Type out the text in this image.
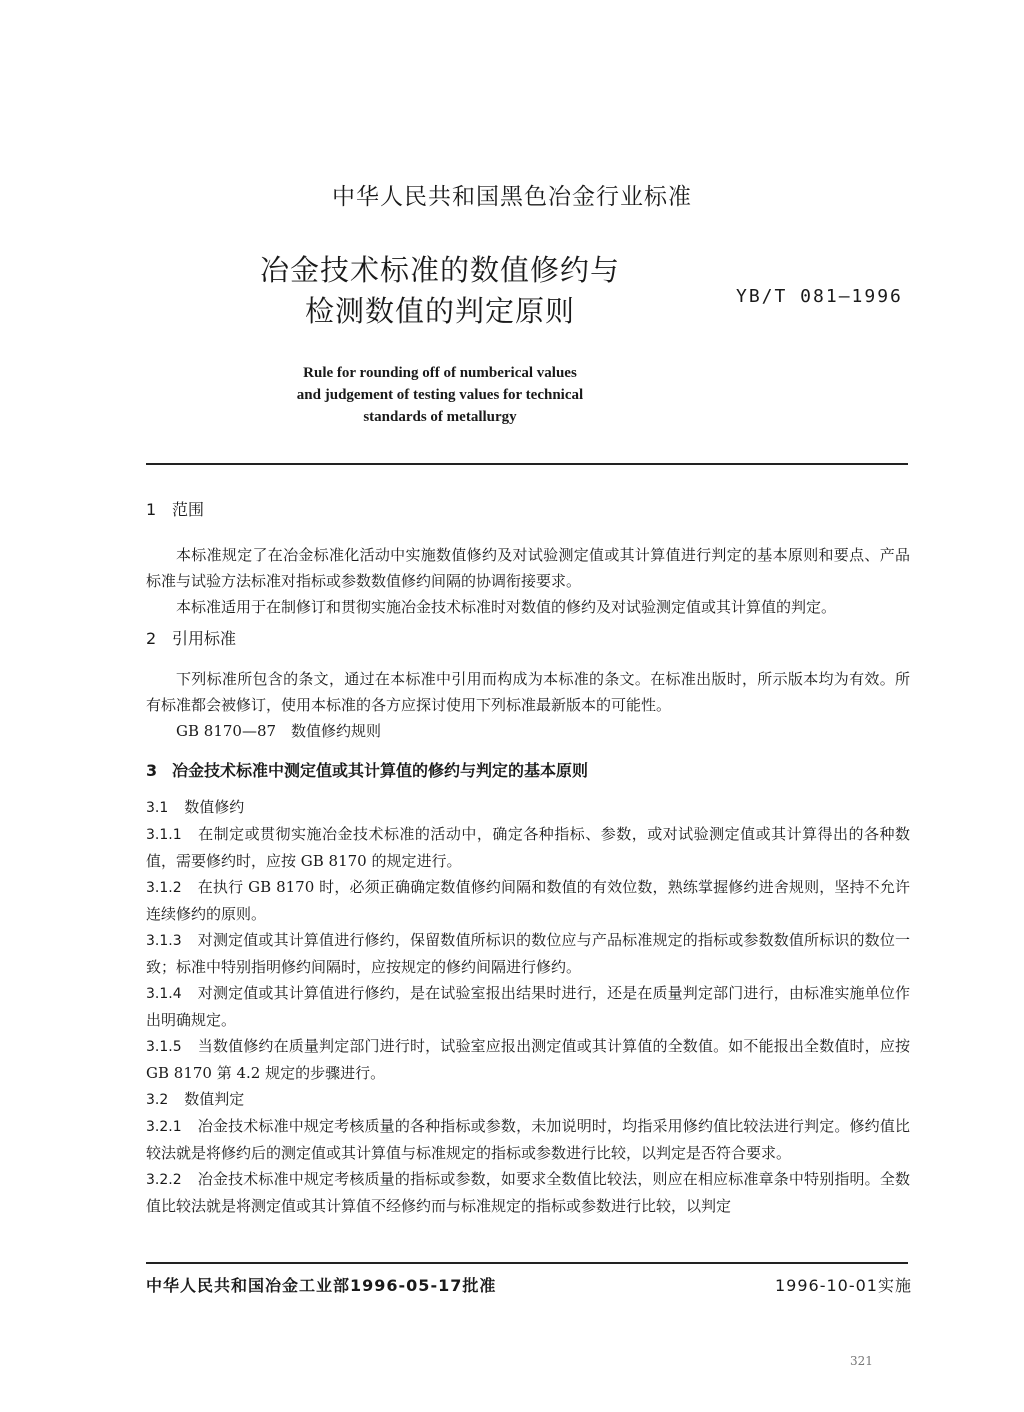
中华人民共和国黑色冶金行业标准
冶金技术标准的数值修约与
检测数值的判定原则	YB/T 081—1996
Rule for rounding off of numberical values
and judgement of testing values for technical
standards of metallurgy
1 范围

本标准规定了在冶金标准化活动中实施数值修约及对试验测定值或其计算值进行判定的基本原则和要点、产品标准与试验方法标准对指标或参数数值修约间隔的协调衔接要求。

本标准适用于在制修订和贯彻实施冶金技术标准时对数值的修约及对试验测定值或其计算值的判定。

2 引用标准

下列标准所包含的条文，通过在本标准中引用而构成为本标准的条文。在标准出版时，所示版本均为有效。所有标准都会被修订，使用本标准的各方应探讨使用下列标准最新版本的可能性。

GB 8170—87　数值修约规则

3 冶金技术标准中测定值或其计算值的修约与判定的基本原则

3.1 数值修约

3.1.1 在制定或贯彻实施冶金技术标准的活动中，确定各种指标、参数，或对试验测定值或其计算得出的各种数值，需要修约时，应按 GB 8170 的规定进行。

3.1.2 在执行 GB 8170 时，必须正确确定数值修约间隔和数值的有效位数，熟练掌握修约进舍规则，坚持不允许连续修约的原则。

3.1.3 对测定值或其计算值进行修约，保留数值所标识的数位应与产品标准规定的指标或参数数值所标识的数位一致；标准中特别指明修约间隔时，应按规定的修约间隔进行修约。

3.1.4 对测定值或其计算值进行修约，是在试验室报出结果时进行，还是在质量判定部门进行，由标准实施单位作出明确规定。

3.1.5 当数值修约在质量判定部门进行时，试验室应报出测定值或其计算值的全数值。如不能报出全数值时，应按 GB 8170 第 4.2 规定的步骤进行。

3.2 数值判定

3.2.1 冶金技术标准中规定考核质量的各种指标或参数，未加说明时，均指采用修约值比较法进行判定。修约值比较法就是将修约后的测定值或其计算值与标准规定的指标或参数进行比较，以判定是否符合要求。

3.2.2 冶金技术标准中规定考核质量的指标或参数，如要求全数值比较法，则应在相应标准章条中特别指明。全数值比较法就是将测定值或其计算值不经修约而与标准规定的指标或参数进行比较，以判定

中华人民共和国冶金工业部1996-05-17批准	1996-10-01实施
321
